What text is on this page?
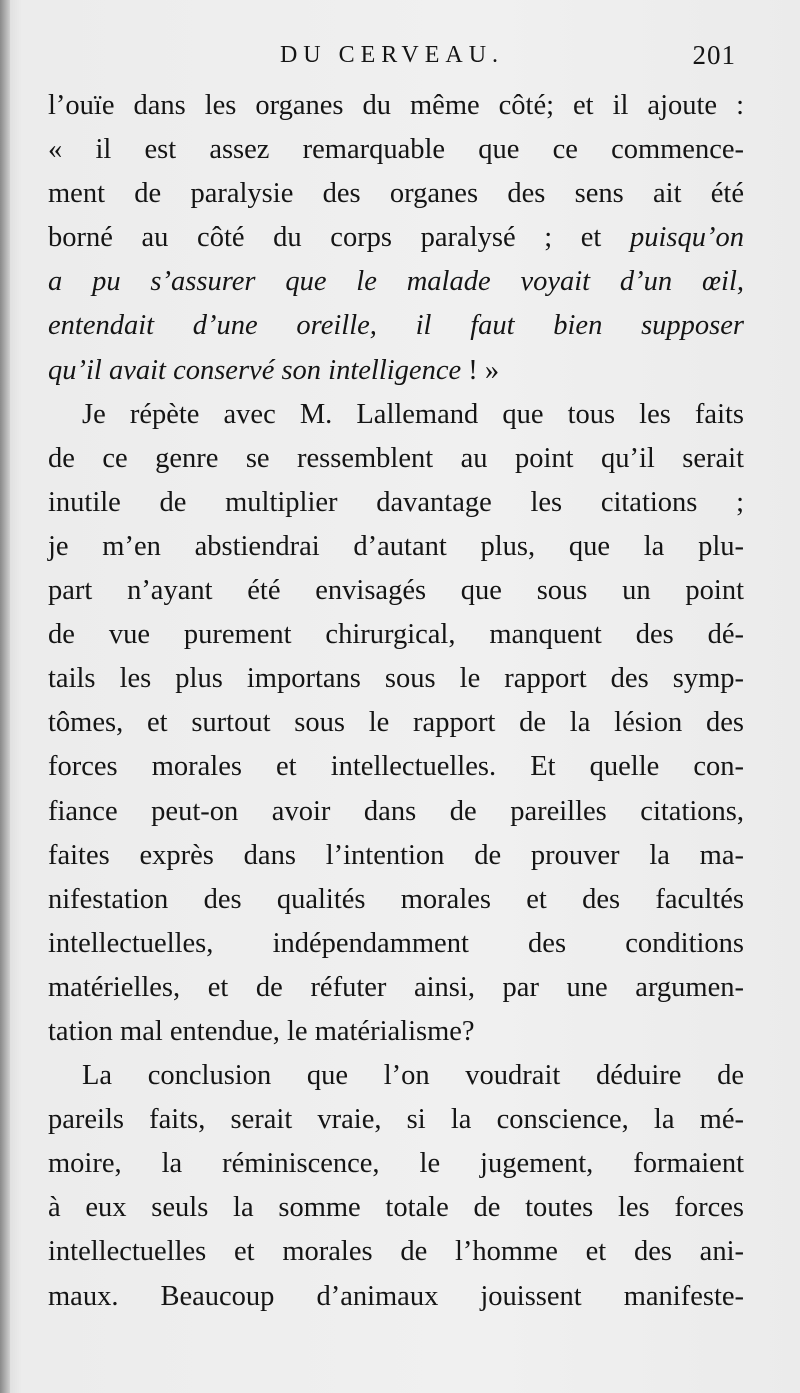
DU CERVEAU.	201
l’ouïe dans les organes du même côté; et il ajoute :
« il est assez remarquable que ce commence-
ment de paralysie des organes des sens ait été
borné au côté du corps paralysé ; et puisqu’on
a pu s’assurer que le malade voyait d’un œil,
entendait d’une oreille, il faut bien supposer
qu’il avait conservé son intelligence ! »
Je répète avec M. Lallemand que tous les faits
de ce genre se ressemblent au point qu’il serait
inutile de multiplier davantage les citations ;
je m’en abstiendrai d’autant plus, que la plu-
part n’ayant été envisagés que sous un point
de vue purement chirurgical, manquent des dé-
tails les plus importans sous le rapport des symp-
tômes, et surtout sous le rapport de la lésion des
forces morales et intellectuelles. Et quelle con-
fiance peut-on avoir dans de pareilles citations,
faites exprès dans l’intention de prouver la ma-
nifestation des qualités morales et des facultés
intellectuelles, indépendamment des conditions
matérielles, et de réfuter ainsi, par une argumen-
tation mal entendue, le matérialisme?
La conclusion que l’on voudrait déduire de
pareils faits, serait vraie, si la conscience, la mé-
moire, la réminiscence, le jugement, formaient
à eux seuls la somme totale de toutes les forces
intellectuelles et morales de l’homme et des ani-
maux. Beaucoup d’animaux jouissent manifeste-
